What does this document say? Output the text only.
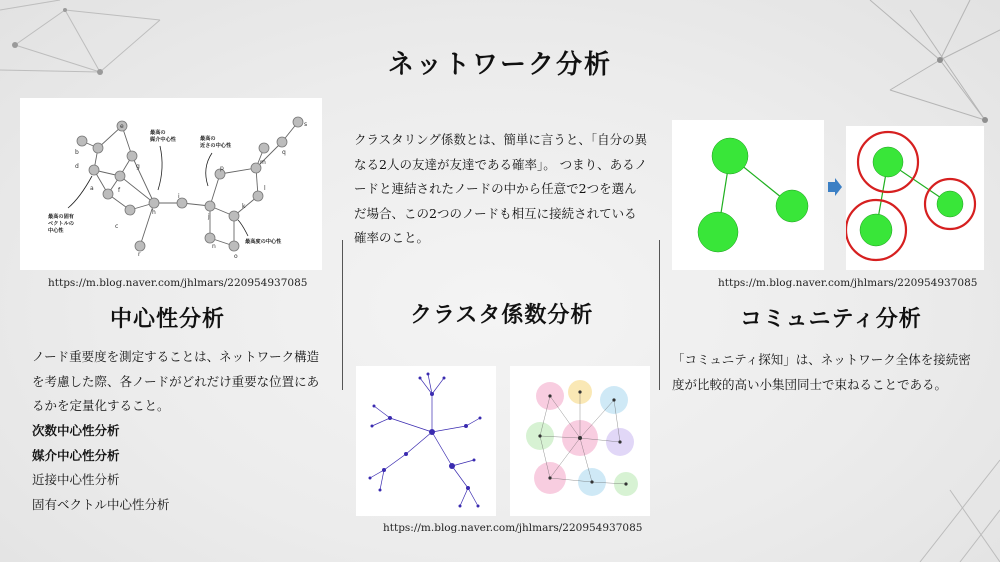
ネットワーク分析
a
b
c
d
e
f
g
h
i
j
k
l
m
n
o
p
q
r
s
最高の媒介中心性	最高の近さの中心性
最高の固有ベクトルの中心性
最高度の中心性
https://m.blog.naver.com/jhlmars/220954937085
中心性分析
ノード重要度を測定することは、ネットワーク構造を考慮した際、各ノードがどれだけ重要な位置にあるかを定量化すること。
次数中心性分析
媒介中心性分析
近接中心性分析
固有ベクトル中心性分析
クラスタリング係数とは、簡単に言うと、「自分の異なる2人の友達が友達である確率」。 つまり、あるノードと連結されたノードの中から任意で2つを選んだ場合、この2つのノードも相互に接続されている確率のこと。
クラスタ係数分析
https://m.blog.naver.com/jhlmars/220954937085
https://m.blog.naver.com/jhlmars/220954937085
コミュニティ分析
「コミュニティ探知」は、ネットワーク全体を接続密度が比較的高い小集団同士で束ねることである。
